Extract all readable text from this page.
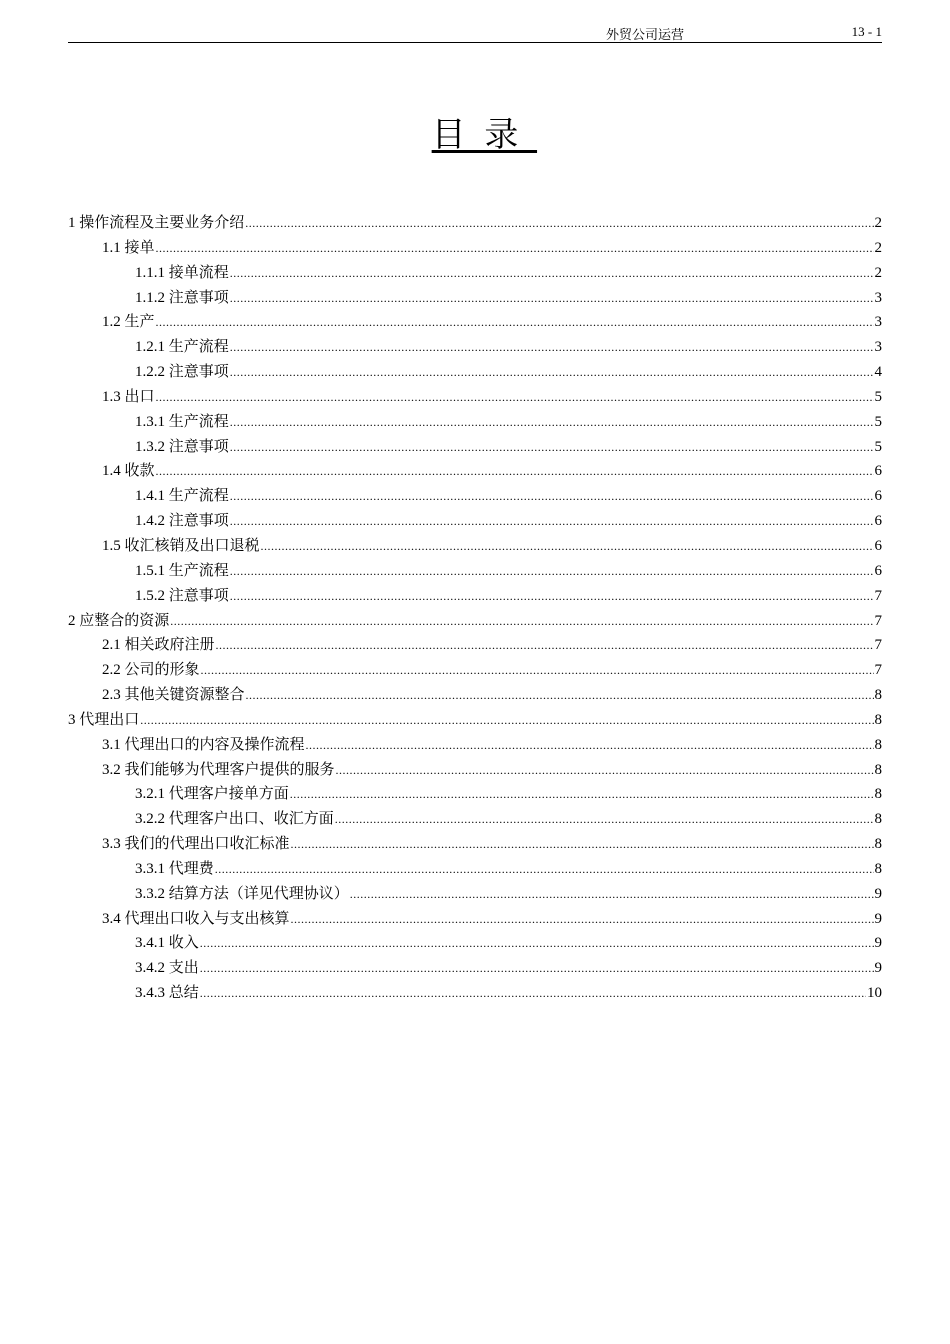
外贸公司运营	13 - 1
目录
1 操作流程及主要业务介绍 .....	2
1.1 接单 .....	2
1.1.1 接单流程 .....	2
1.1.2 注意事项 .....	3
1.2 生产 .....	3
1.2.1 生产流程 .....	3
1.2.2 注意事项 .....	4
1.3 出口 .....	5
1.3.1 生产流程 .....	5
1.3.2 注意事项 .....	5
1.4 收款 .....	6
1.4.1 生产流程 .....	6
1.4.2 注意事项 .....	6
1.5 收汇核销及出口退税 .....	6
1.5.1 生产流程 .....	6
1.5.2 注意事项 .....	7
2 应整合的资源 .....	7
2.1 相关政府注册 .....	7
2.2 公司的形象 .....	7
2.3 其他关键资源整合 .....	8
3 代理出口 .....	8
3.1 代理出口的内容及操作流程 .....	8
3.2 我们能够为代理客户提供的服务 .....	8
3.2.1 代理客户接单方面 .....	8
3.2.2 代理客户出口、收汇方面 .....	8
3.3 我们的代理出口收汇标准 .....	8
3.3.1 代理费 .....	8
3.3.2 结算方法（详见代理协议） .....	9
3.4 代理出口收入与支出核算 .....	9
3.4.1 收入 .....	9
3.4.2 支出 .....	9
3.4.3 总结 .....	10
